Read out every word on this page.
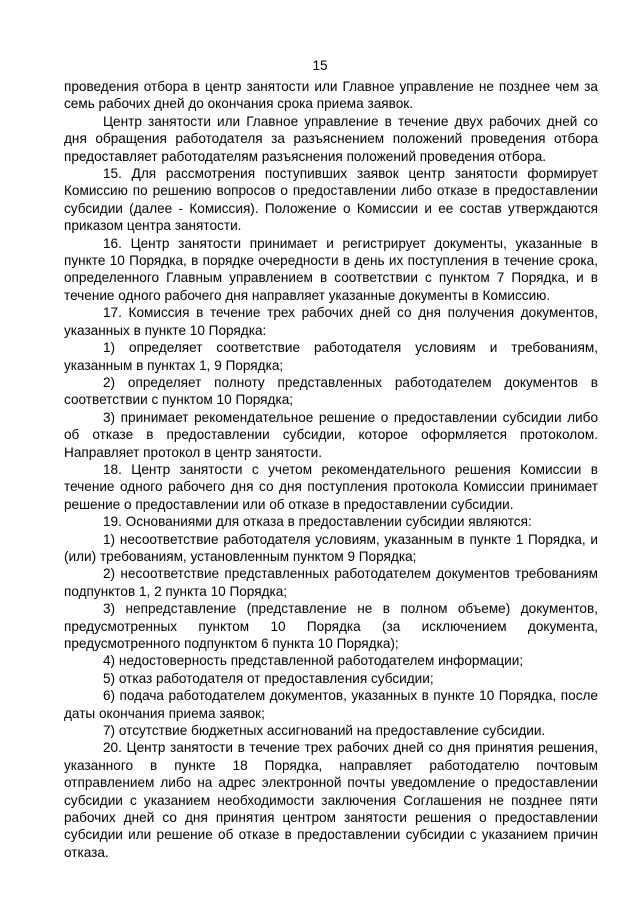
15

проведения отбора в центр занятости или Главное управление не позднее чем за семь рабочих дней до окончания срока приема заявок.

Центр занятости или Главное управление в течение двух рабочих дней со дня обращения работодателя за разъяснением положений проведения отбора предоставляет работодателям разъяснения положений проведения отбора.

15. Для рассмотрения поступивших заявок центр занятости формирует Комиссию по решению вопросов о предоставлении либо отказе в предоставлении субсидии (далее - Комиссия). Положение о Комиссии и ее состав утверждаются приказом центра занятости.

16. Центр занятости принимает и регистрирует документы, указанные в пункте 10 Порядка, в порядке очередности в день их поступления в течение срока, определенного Главным управлением в соответствии с пунктом 7 Порядка, и в течение одного рабочего дня направляет указанные документы в Комиссию.

17. Комиссия в течение трех рабочих дней со дня получения документов, указанных в пункте 10 Порядка:

1) определяет соответствие работодателя условиям и требованиям, указанным в пунктах 1, 9 Порядка;

2) определяет полноту представленных работодателем документов в соответствии с пунктом 10 Порядка;

3) принимает рекомендательное решение о предоставлении субсидии либо об отказе в предоставлении субсидии, которое оформляется протоколом. Направляет протокол в центр занятости.

18. Центр занятости с учетом рекомендательного решения Комиссии в течение одного рабочего дня со дня поступления протокола Комиссии принимает решение о предоставлении или об отказе в предоставлении субсидии.

19. Основаниями для отказа в предоставлении субсидии являются:

1) несоответствие работодателя условиям, указанным в пункте 1 Порядка, и (или) требованиям, установленным пунктом 9 Порядка;

2) несоответствие представленных работодателем документов требованиям подпунктов 1, 2 пункта 10 Порядка;

3) непредставление (представление не в полном объеме) документов, предусмотренных пунктом 10 Порядка (за исключением документа, предусмотренного подпунктом 6 пункта 10 Порядка);

4) недостоверность представленной работодателем информации;

5) отказ работодателя от предоставления субсидии;

6) подача работодателем документов, указанных в пункте 10 Порядка, после даты окончания приема заявок;

7) отсутствие бюджетных ассигнований на предоставление субсидии.

20. Центр занятости в течение трех рабочих дней со дня принятия решения, указанного в пункте 18 Порядка, направляет работодателю почтовым отправлением либо на адрес электронной почты уведомление о предоставлении субсидии с указанием необходимости заключения Соглашения не позднее пяти рабочих дней со дня принятия центром занятости решения о предоставлении субсидии или решение об отказе в предоставлении субсидии с указанием причин отказа.
